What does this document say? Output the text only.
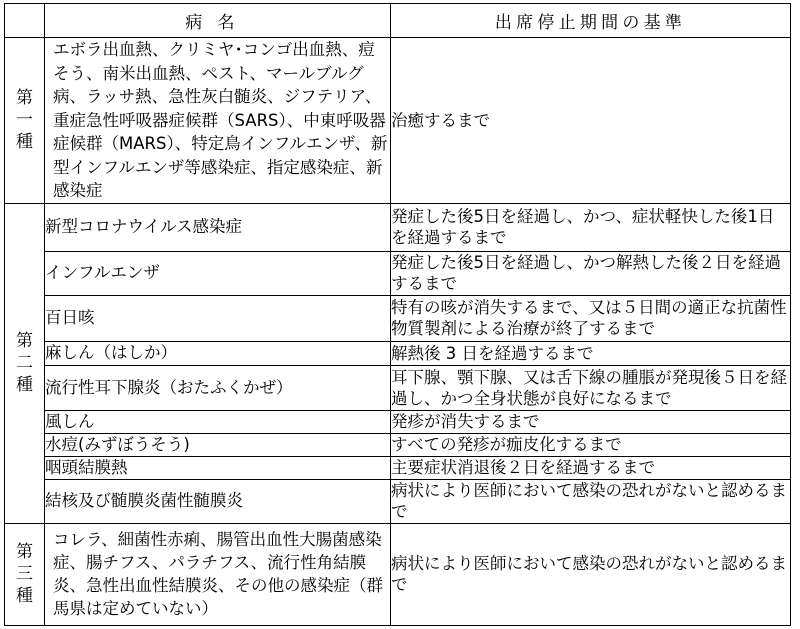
	病名	出席停止期間の基準

第
一
種	エボラ出血熱、クリミヤ･コンゴ出血熱、痘そう、南米出血熱、ペスト、マールブルグ病、ラッサ熱、急性灰白髄炎、ジフテリア、重症急性呼吸器症候群（SARS）、中東呼吸器症候群（MARS）、特定鳥インフルエンザ、新型インフルエンザ等感染症、指定感染症、新感染症	治癒するまで

第
二
種	新型コロナウイルス感染症	発症した後5日を経過し、かつ、症状軽快した後1日を経過するまで
	インフルエンザ	発症した後5日を経過し、かつ解熱した後２日を経過するまで
	百日咳	特有の咳が消失するまで、又は５日間の適正な抗菌性物質製剤による治療が終了するまで
	麻しん（はしか）	解熱後 3 日を経過するまで
	流行性耳下腺炎（おたふくかぜ）	耳下腺、顎下腺、又は舌下線の腫脹が発現後５日を経過し、かつ全身状態が良好になるまで
	風しん	発疹が消失するまで
	水痘(みずぼうそう)	すべての発疹が痂皮化するまで
	咽頭結膜熱	主要症状消退後２日を経過するまで
	結核及び髄膜炎菌性髄膜炎	病状により医師において感染の恐れがないと認めるまで

第
三
種	コレラ、細菌性赤痢、腸管出血性大腸菌感染症、腸チフス、パラチフス、流行性角結膜炎、急性出血性結膜炎、その他の感染症（群馬県は定めていない）	病状により医師において感染の恐れがないと認めるまで
